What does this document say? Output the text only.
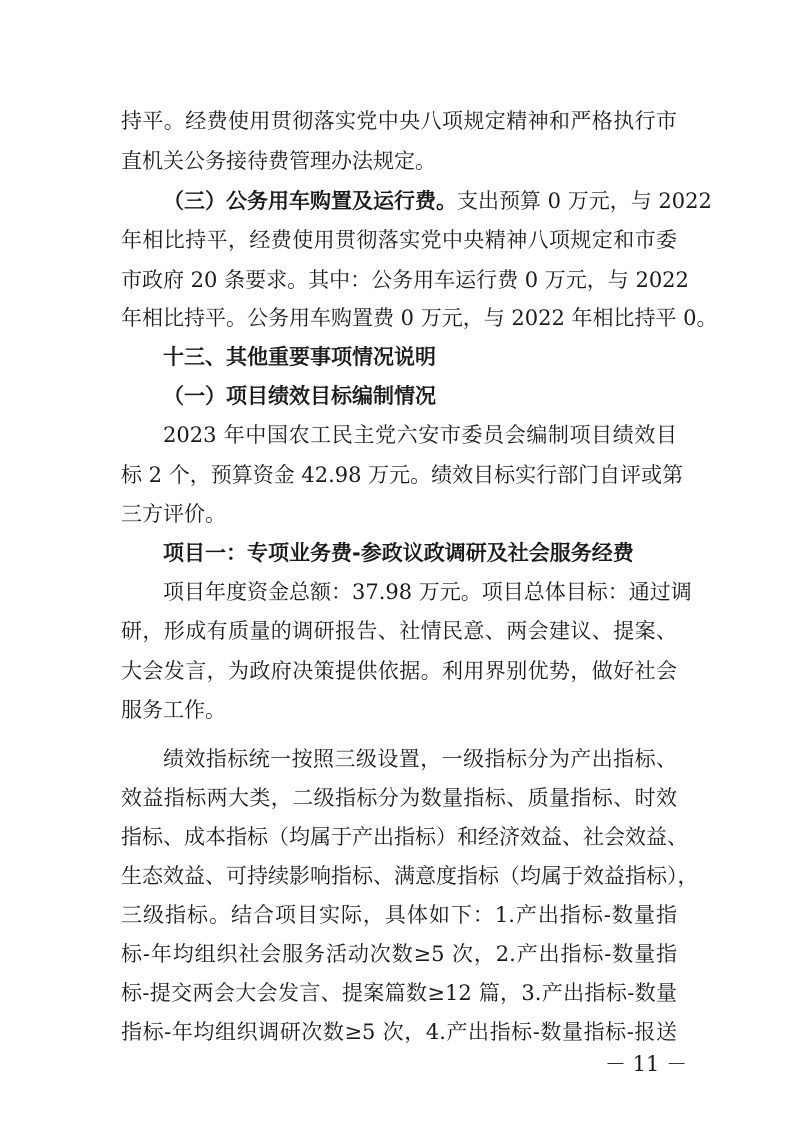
持平。经费使用贯彻落实党中央八项规定精神和严格执行市
直机关公务接待费管理办法规定。
（三）公务用车购置及运行费。支出预算 0 万元，与 2022
年相比持平，经费使用贯彻落实党中央精神八项规定和市委
市政府 20 条要求。其中：公务用车运行费 0 万元，与 2022
年相比持平。公务用车购置费 0 万元，与 2022 年相比持平 0。
十三、其他重要事项情况说明
（一）项目绩效目标编制情况
2023 年中国农工民主党六安市委员会编制项目绩效目
标 2 个，预算资金 42.98 万元。绩效目标实行部门自评或第
三方评价。
项目一：专项业务费-参政议政调研及社会服务经费
项目年度资金总额：37.98 万元。项目总体目标：通过调
研，形成有质量的调研报告、社情民意、两会建议、提案、
大会发言，为政府决策提供依据。利用界别优势，做好社会
服务工作。
绩效指标统一按照三级设置，一级指标分为产出指标、
效益指标两大类，二级指标分为数量指标、质量指标、时效
指标、成本指标（均属于产出指标）和经济效益、社会效益、
生态效益、可持续影响指标、满意度指标（均属于效益指标），
三级指标。结合项目实际，具体如下：1.产出指标-数量指
标-年均组织社会服务活动次数≥5 次，2.产出指标-数量指
标-提交两会大会发言、提案篇数≥12 篇，3.产出指标-数量
指标-年均组织调研次数≥5 次，4.产出指标-数量指标-报送
－ 11 －
